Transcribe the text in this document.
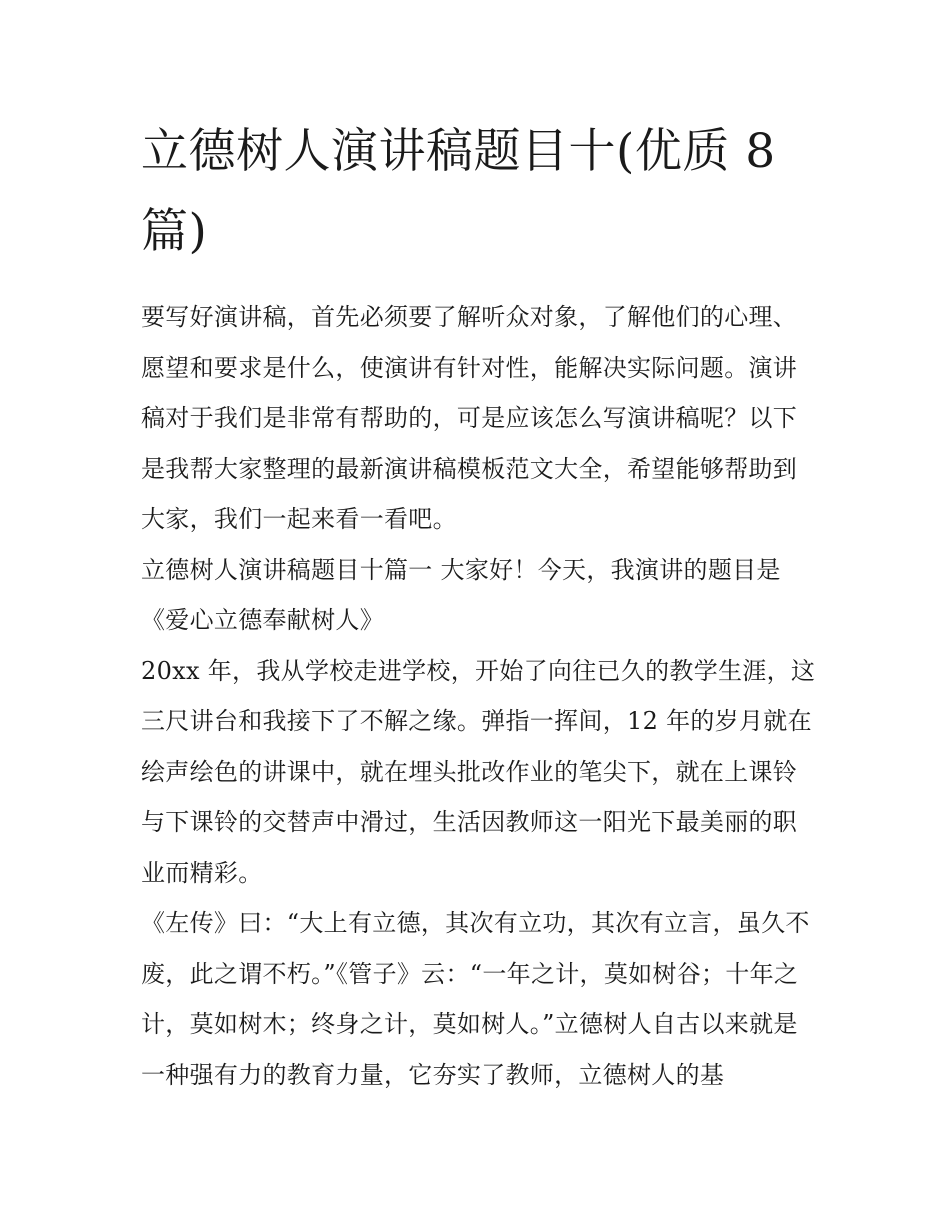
立德树人演讲稿题目十(优质 8 篇)

要写好演讲稿，首先必须要了解听众对象，了解他们的心理、愿望和要求是什么，使演讲有针对性，能解决实际问题。演讲稿对于我们是非常有帮助的，可是应该怎么写演讲稿呢？以下是我帮大家整理的最新演讲稿模板范文大全，希望能够帮助到大家，我们一起来看一看吧。

立德树人演讲稿题目十篇一 大家好！今天，我演讲的题目是《爱心立德奉献树人》

20xx 年，我从学校走进学校，开始了向往已久的教学生涯，这三尺讲台和我接下了不解之缘。弹指一挥间，12 年的岁月就在绘声绘色的讲课中，就在埋头批改作业的笔尖下，就在上课铃与下课铃的交替声中滑过，生活因教师这一阳光下最美丽的职业而精彩。

《左传》曰：“大上有立德，其次有立功，其次有立言，虽久不废，此之谓不朽。”《管子》云：“一年之计，莫如树谷；十年之计，莫如树木；终身之计，莫如树人。”立德树人自古以来就是一种强有力的教育力量，它夯实了教师，立德树人的基
